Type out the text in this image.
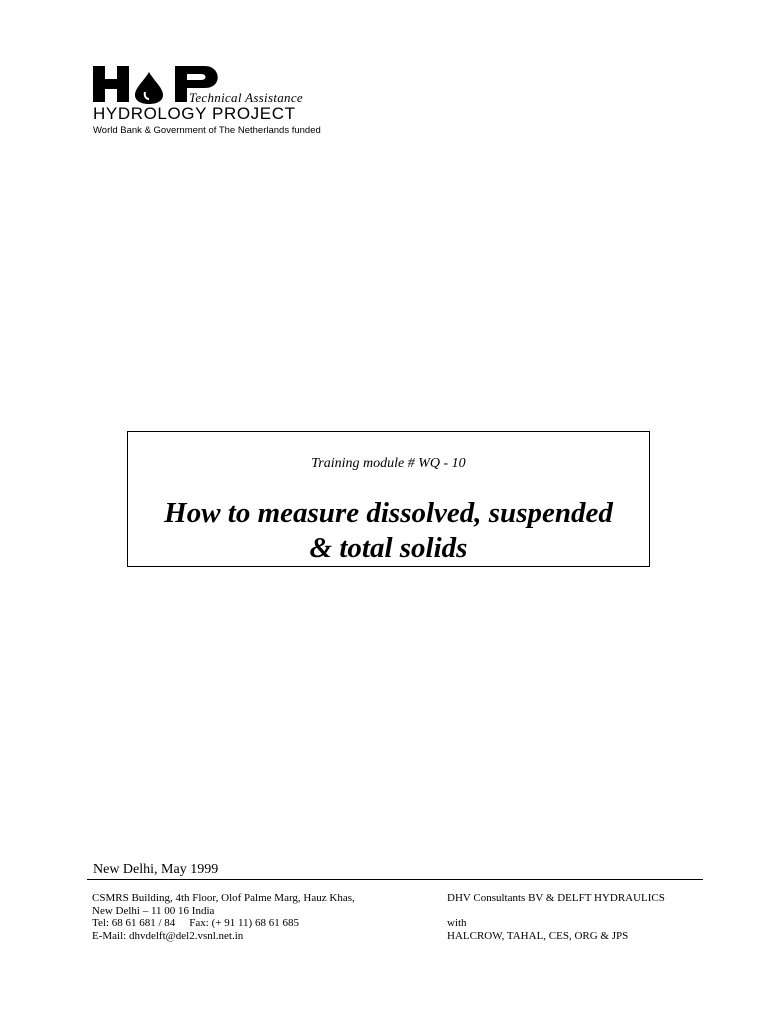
Technical Assistance
HYDROLOGY PROJECT
World Bank & Government of The Netherlands funded
Training module # WQ - 10
How to measure dissolved, suspended
& total solids
New Delhi, May 1999
CSMRS Building, 4th Floor, Olof Palme Marg, Hauz Khas,
New Delhi – 11 00 16 India
Tel: 68 61 681 / 84 Fax: (+ 91 11) 68 61 685
E-Mail: dhvdelft@del2.vsnl.net.in
DHV Consultants BV & DELFT HYDRAULICS
with
HALCROW, TAHAL, CES, ORG & JPS
